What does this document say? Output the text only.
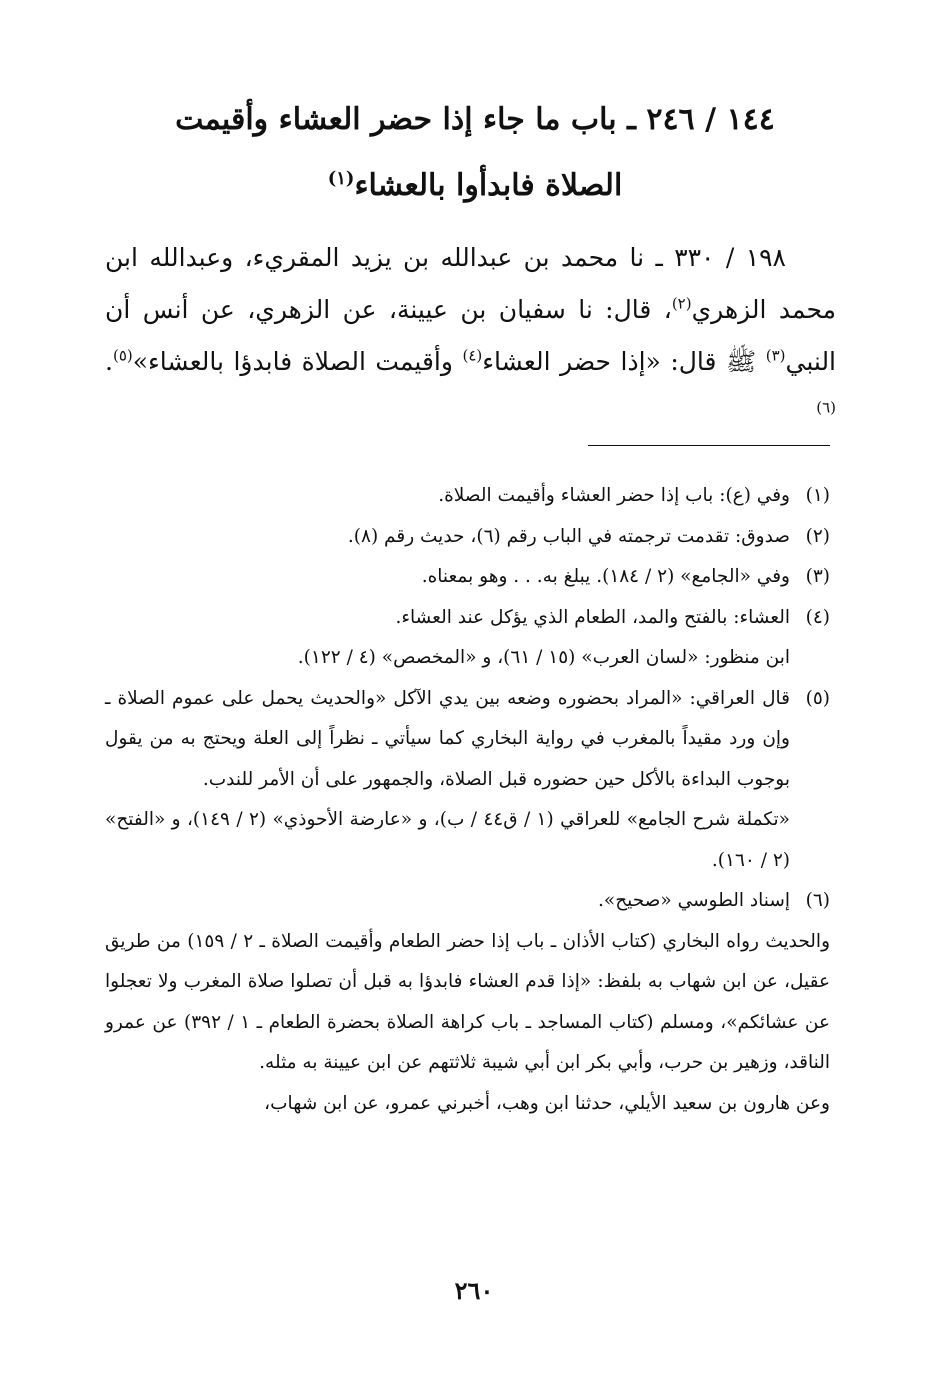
١٤٤ / ٢٤٦ ـ باب ما جاء إذا حضر العشاء وأقيمت
الصلاة فابدأوا بالعشاء$^{(١)}$

١٩٨ / ٣٣٠ ـ نا محمد بن عبدالله بن يزيد المقريء، وعبدالله ابن محمد الزهري$^{(٢)}$، قال: نا سفيان بن عيينة، عن الزهري، عن أنس أن النبي$^{(٣)}$ ﷺ قال: «إذا حضر العشاء$^{(٤)}$ وأقيمت الصلاة فابدؤا بالعشاء»$^{(٥)}$.$^{(٦)}$

(١)
وفي (ع): باب إذا حضر العشاء وأقيمت الصلاة.
(٢)
صدوق: تقدمت ترجمته في الباب رقم (٦)، حديث رقم (٨).
(٣)
وفي «الجامع» (٢ / ١٨٤). يبلغ به. . . وهو بمعناه.
(٤)
العشاء: بالفتح والمد، الطعام الذي يؤكل عند العشاء.
ابن منظور: «لسان العرب» (١٥ / ٦١)، و «المخصص» (٤ / ١٢٢).
(٥)
قال العراقي: «المراد بحضوره وضعه بين يدي الآكل «والحديث يحمل على عموم الصلاة ـ وإن ورد مقيداً بالمغرب في رواية البخاري كما سيأتي ـ نظراً إلى العلة ويحتج به من يقول بوجوب البداءة بالأكل حين حضوره قبل الصلاة، والجمهور على أن الأمر للندب.
«تكملة شرح الجامع» للعراقي (١ / ق٤٤ / ب)، و «عارضة الأحوذي» (٢ / ١٤٩)، و «الفتح» (٢ / ١٦٠).
(٦)
إسناد الطوسي «صحيح».
والحديث رواه البخاري (كتاب الأذان ـ باب إذا حضر الطعام وأقيمت الصلاة ـ ٢ / ١٥٩) من طريق عقيل، عن ابن شهاب به بلفظ: «إذا قدم العشاء فابدؤا به قبل أن تصلوا صلاة المغرب ولا تعجلوا عن عشائكم»، ومسلم (كتاب المساجد ـ باب كراهة الصلاة بحضرة الطعام ـ ١ / ٣٩٢) عن عمرو الناقد، وزهير بن حرب، وأبي بكر ابن أبي شيبة ثلاثتهم عن ابن عيينة به مثله.
وعن هارون بن سعيد الأيلي، حدثنا ابن وهب، أخبرني عمرو، عن ابن شهاب،
٢٦٠
